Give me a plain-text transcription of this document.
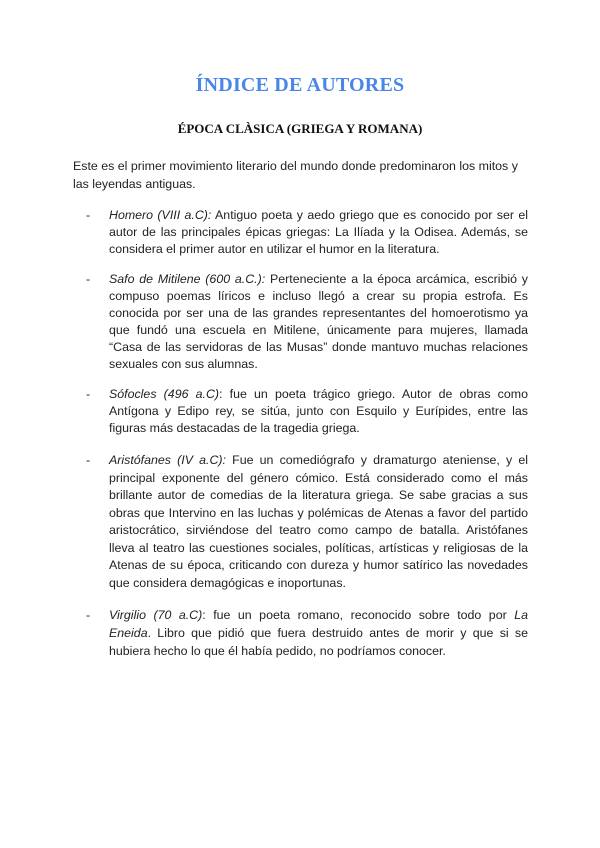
ÍNDICE DE AUTORES
ÉPOCA CLÀSICA (GRIEGA Y ROMANA)
Este es el primer movimiento literario del mundo donde predominaron los mitos y las leyendas antiguas.
- Homero (VIII a.C): Antiguo poeta y aedo griego que es conocido por ser el autor de las principales épicas griegas: La Ilíada y la Odisea. Además, se considera el primer autor en utilizar el humor en la literatura.
- Safo de Mitilene (600 a.C.): Perteneciente a la época arcámica, escribió y compuso poemas líricos e incluso llegó a crear su propia estrofa. Es conocida por ser una de las grandes representantes del homoerotismo ya que fundó una escuela en Mitilene, únicamente para mujeres, llamada “Casa de las servidoras de las Musas” donde mantuvo muchas relaciones sexuales con sus alumnas.
- Sófocles (496 a.C): fue un poeta trágico griego. Autor de obras como Antígona y Edipo rey, se sitúa, junto con Esquilo y Eurípides, entre las figuras más destacadas de la tragedia griega.
- Aristófanes (IV a.C): Fue un comediógrafo y dramaturgo ateniense, y el principal exponente del género cómico. Está considerado como el más brillante autor de comedias de la literatura griega. Se sabe gracias a sus obras que Intervino en las luchas y polémicas de Atenas a favor del partido aristocrático, sirviéndose del teatro como campo de batalla. Aristófanes lleva al teatro las cuestiones sociales, políticas, artísticas y religiosas de la Atenas de su época, criticando con dureza y humor satírico las novedades que considera demagógicas e inoportunas.
- Virgilio (70 a.C): fue un poeta romano, reconocido sobre todo por La Eneida. Libro que pidió que fuera destruido antes de morir y que si se hubiera hecho lo que él había pedido, no podríamos conocer.
